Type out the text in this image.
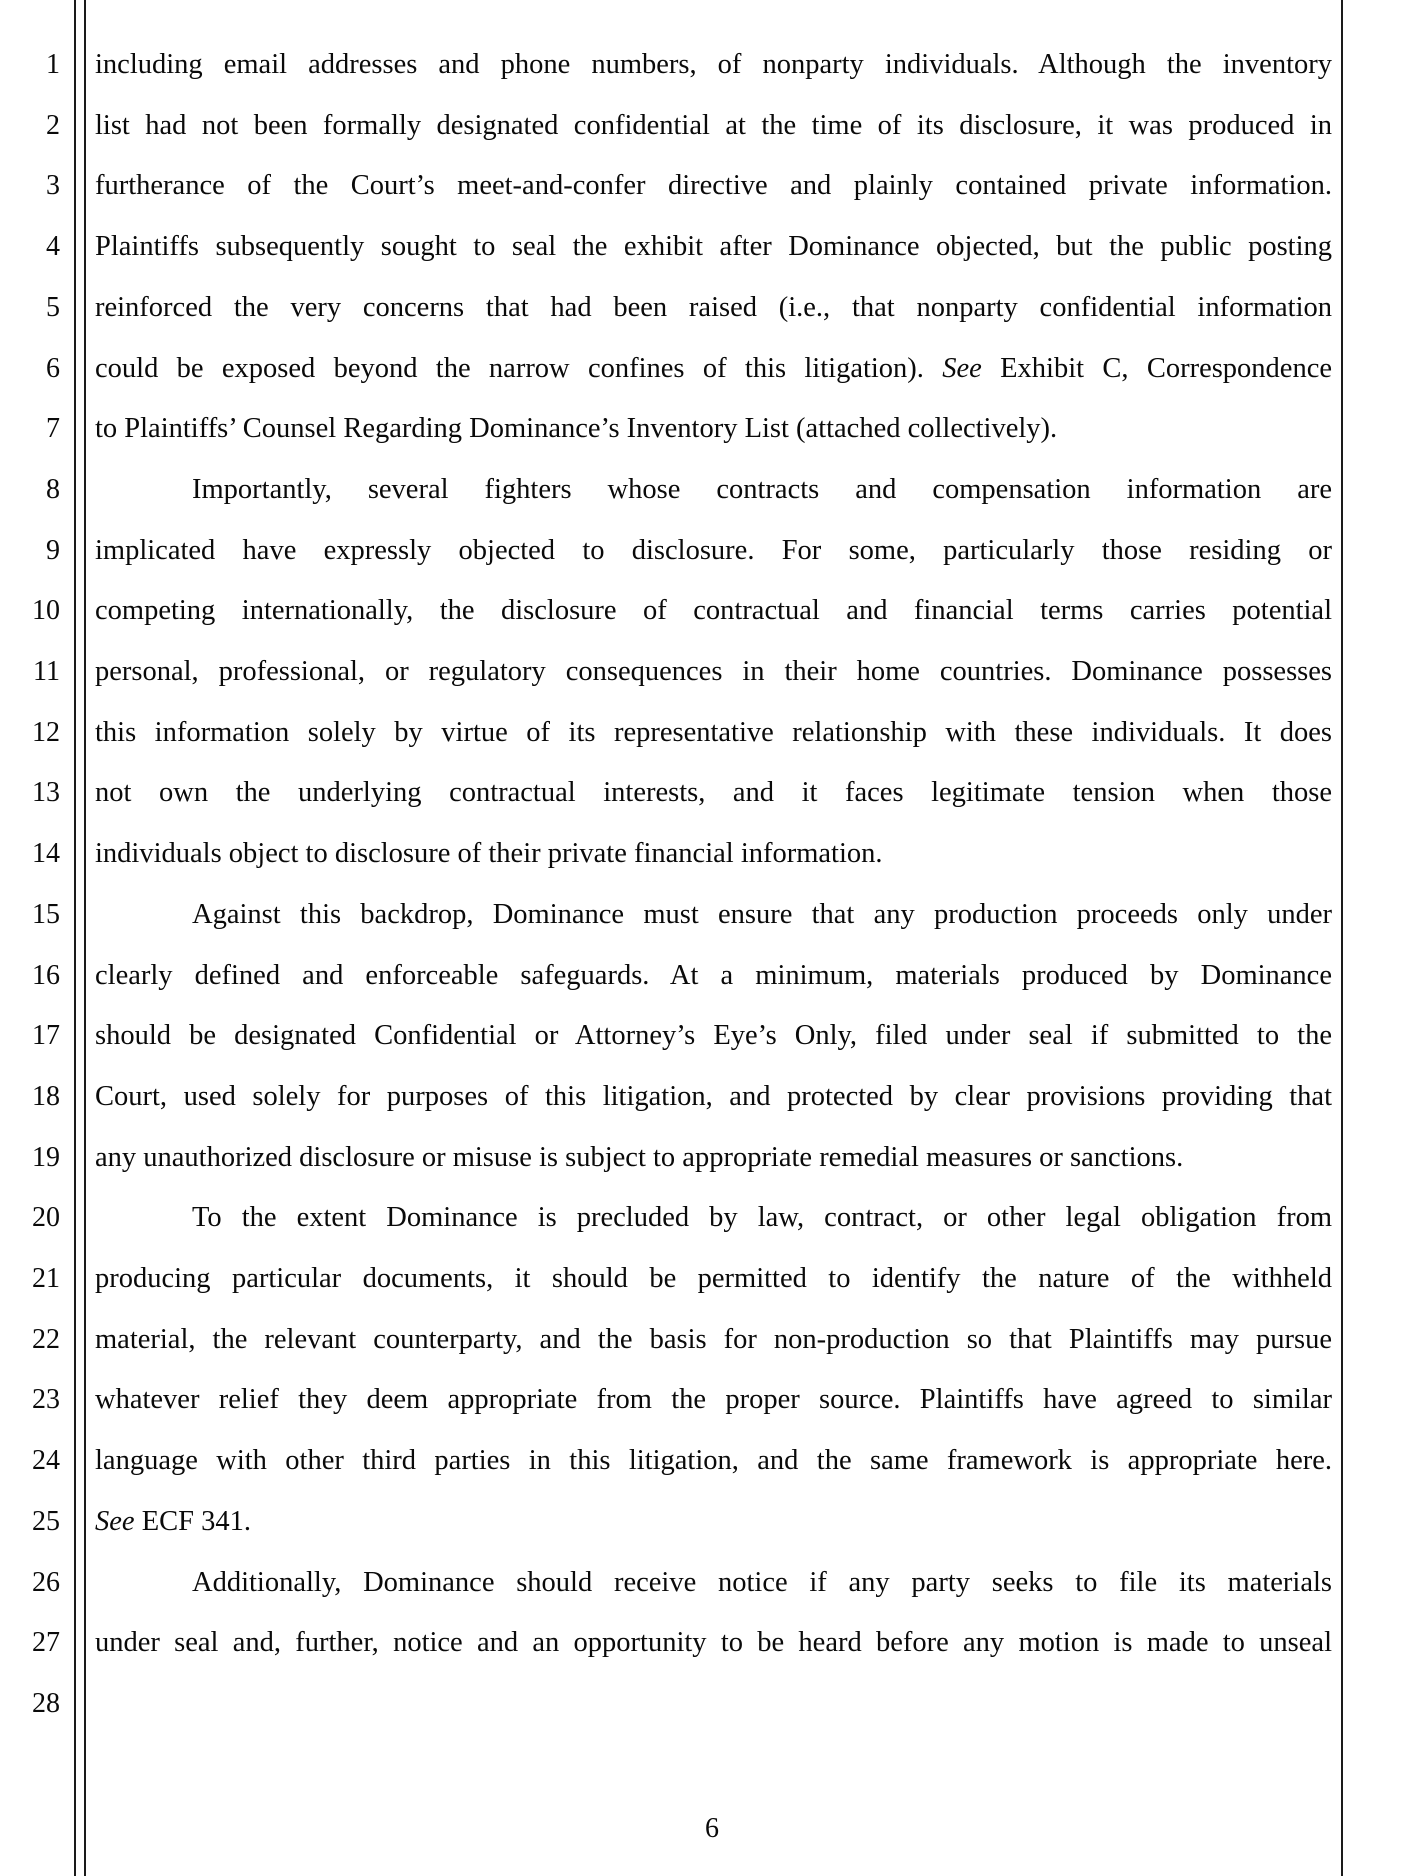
1
2
3
4
5
6
7
8
9
10
11
12
13
14
15
16
17
18
19
20
21
22
23
24
25
26
27
28
including email addresses and phone numbers, of nonparty individuals. Although the inventory
list had not been formally designated confidential at the time of its disclosure, it was produced in
furtherance of the Court’s meet-and-confer directive and plainly contained private information.
Plaintiffs subsequently sought to seal the exhibit after Dominance objected, but the public posting
reinforced the very concerns that had been raised (i.e., that nonparty confidential information
could be exposed beyond the narrow confines of this litigation). See Exhibit C, Correspondence
to Plaintiffs’ Counsel Regarding Dominance’s Inventory List (attached collectively).
Importantly, several fighters whose contracts and compensation information are
implicated have expressly objected to disclosure. For some, particularly those residing or
competing internationally, the disclosure of contractual and financial terms carries potential
personal, professional, or regulatory consequences in their home countries. Dominance possesses
this information solely by virtue of its representative relationship with these individuals. It does
not own the underlying contractual interests, and it faces legitimate tension when those
individuals object to disclosure of their private financial information.
Against this backdrop, Dominance must ensure that any production proceeds only under
clearly defined and enforceable safeguards. At a minimum, materials produced by Dominance
should be designated Confidential or Attorney’s Eye’s Only, filed under seal if submitted to the
Court, used solely for purposes of this litigation, and protected by clear provisions providing that
any unauthorized disclosure or misuse is subject to appropriate remedial measures or sanctions.
To the extent Dominance is precluded by law, contract, or other legal obligation from
producing particular documents, it should be permitted to identify the nature of the withheld
material, the relevant counterparty, and the basis for non-production so that Plaintiffs may pursue
whatever relief they deem appropriate from the proper source. Plaintiffs have agreed to similar
language with other third parties in this litigation, and the same framework is appropriate here.
See ECF 341.
Additionally, Dominance should receive notice if any party seeks to file its materials
under seal and, further, notice and an opportunity to be heard before any motion is made to unseal
6
